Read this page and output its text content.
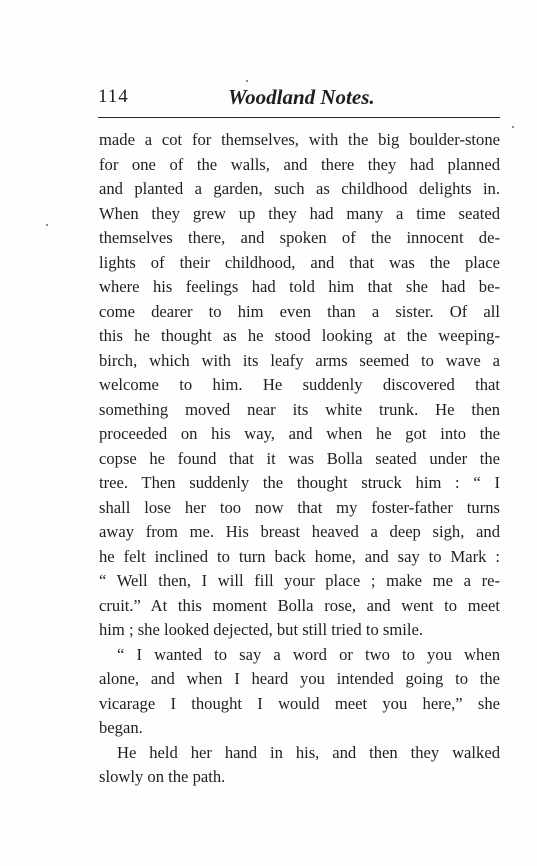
114	Woodland Notes.
made a cot for themselves, with the big boulder-stone
for one of the walls, and there they had planned
and planted a garden, such as childhood delights in.
When they grew up they had many a time seated
themselves there, and spoken of the innocent de-
lights of their childhood, and that was the place
where his feelings had told him that she had be-
come dearer to him even than a sister. Of all
this he thought as he stood looking at the weeping-
birch, which with its leafy arms seemed to wave a
welcome to him. He suddenly discovered that
something moved near its white trunk. He then
proceeded on his way, and when he got into the
copse he found that it was Bolla seated under the
tree. Then suddenly the thought struck him : “ I
shall lose her too now that my foster-father turns
away from me. His breast heaved a deep sigh, and
he felt inclined to turn back home, and say to Mark :
“ Well then, I will fill your place ; make me a re-
cruit.” At this moment Bolla rose, and went to meet
him ; she looked dejected, but still tried to smile.
“ I wanted to say a word or two to you when
alone, and when I heard you intended going to the
vicarage I thought I would meet you here,” she
began.
He held her hand in his, and then they walked
slowly on the path.
